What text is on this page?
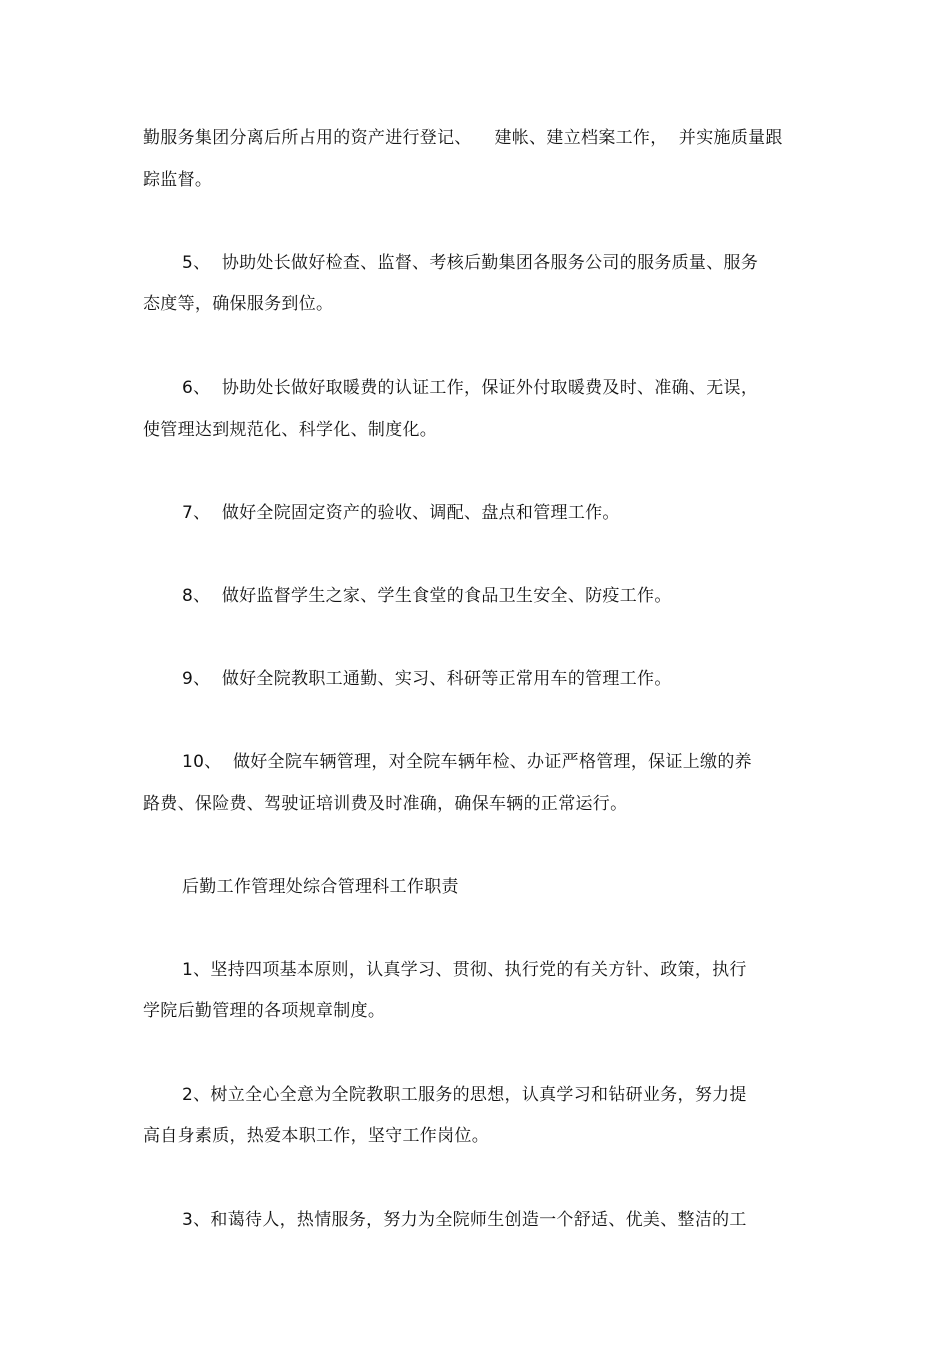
勤服务集团分离后所占用的资产进行登记、    建帐、建立档案工作，  并实施质量跟
踪监督。
5、  协助处长做好检查、监督、考核后勤集团各服务公司的服务质量、服务
态度等，确保服务到位。
6、  协助处长做好取暖费的认证工作，保证外付取暖费及时、准确、无误，
使管理达到规范化、科学化、制度化。
7、  做好全院固定资产的验收、调配、盘点和管理工作。
8、  做好监督学生之家、学生食堂的食品卫生安全、防疫工作。
9、  做好全院教职工通勤、实习、科研等正常用车的管理工作。
10、  做好全院车辆管理，对全院车辆年检、办证严格管理，保证上缴的养
路费、保险费、驾驶证培训费及时准确，确保车辆的正常运行。
后勤工作管理处综合管理科工作职责
1、坚持四项基本原则，认真学习、贯彻、执行党的有关方针、政策，执行
学院后勤管理的各项规章制度。
2、树立全心全意为全院教职工服务的思想，认真学习和钻研业务，努力提
高自身素质，热爱本职工作，坚守工作岗位。
3、和蔼待人，热情服务，努力为全院师生创造一个舒适、优美、整洁的工
